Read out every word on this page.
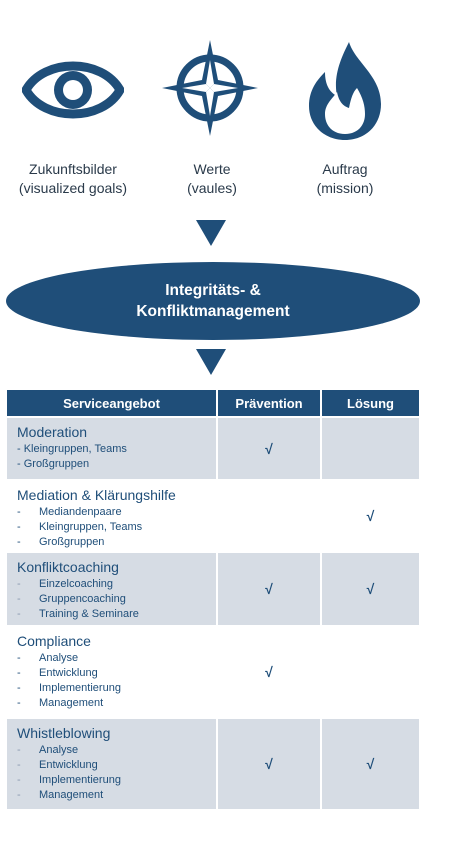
Zukunftsbilder
(visualized goals)
Werte
(vaules)
Auftrag
(mission)
Integritäts- &
Konfliktmanagement
Serviceangebot	Prävention	Lösung

Moderation
- Kleingruppen, Teams
- Großgruppen	√	

Mediation & Klärungshilfe
- Mediandenpaare
- Kleingruppen, Teams
- Großgruppen		√

Konfliktcoaching
- Einzelcoaching
- Gruppencoaching
- Training & Seminare	√	√

Compliance
- Analyse
- Entwicklung
- Implementierung
- Management	√	

Whistleblowing
- Analyse
- Entwicklung
- Implementierung
- Management	√	√
